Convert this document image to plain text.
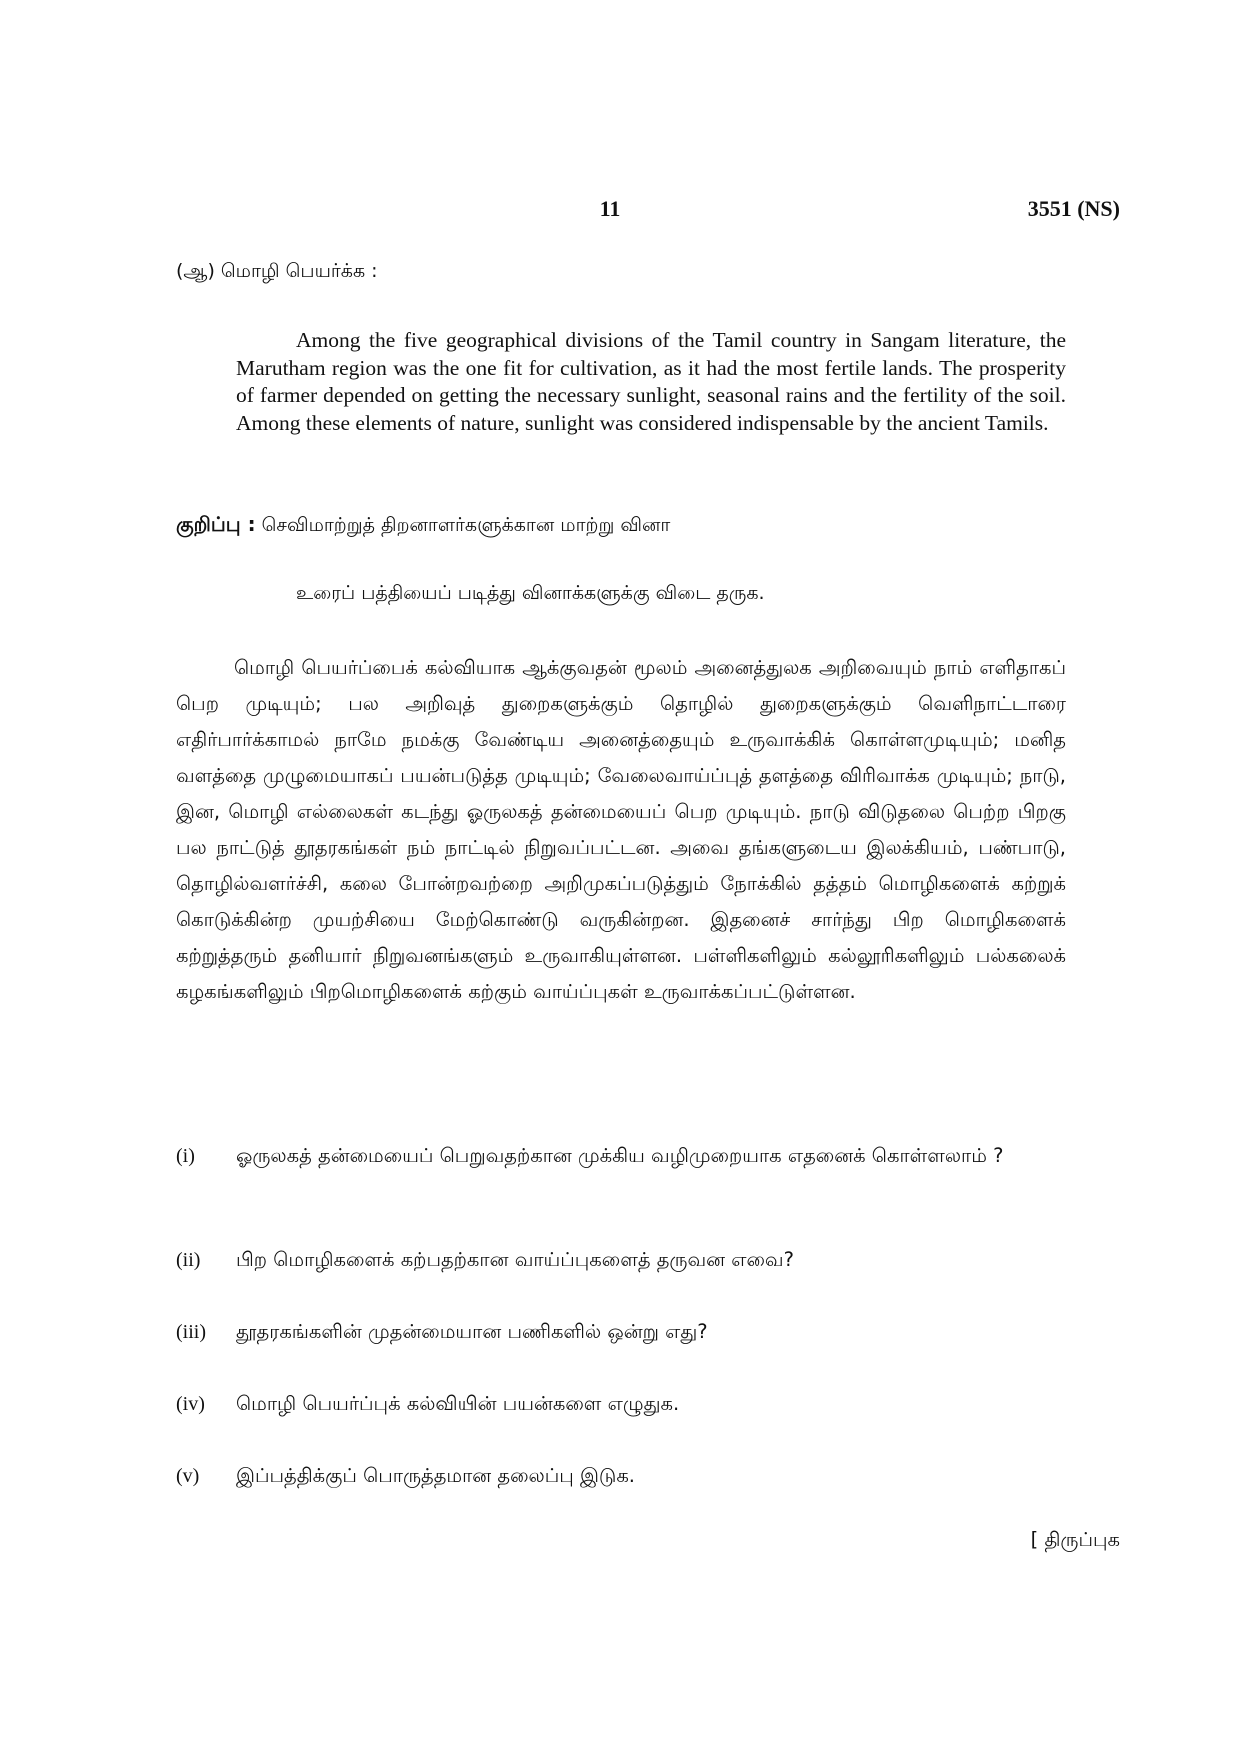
11	3551 (NS)
(ஆ) மொழி பெயர்க்க :
Among the five geographical divisions of the Tamil country in Sangam literature, the Marutham region was the one fit for cultivation, as it had the most fertile lands. The prosperity of farmer depended on getting the necessary sunlight, seasonal rains and the fertility of the soil. Among these elements of nature, sunlight was considered indispensable by the ancient Tamils.
குறிப்பு : செவிமாற்றுத் திறனாளர்களுக்கான மாற்று வினா
உரைப் பத்தியைப் படித்து வினாக்களுக்கு விடை தருக.
மொழி பெயர்ப்பைக் கல்வியாக ஆக்குவதன் மூலம் அனைத்துலக அறிவையும் நாம் எளிதாகப் பெற முடியும்; பல அறிவுத் துறைகளுக்கும் தொழில் துறைகளுக்கும் வெளிநாட்டாரை எதிர்பார்க்காமல் நாமே நமக்கு வேண்டிய அனைத்தையும் உருவாக்கிக் கொள்ளமுடியும்; மனித வளத்தை முழுமையாகப் பயன்படுத்த முடியும்; வேலைவாய்ப்புத் தளத்தை விரிவாக்க முடியும்; நாடு, இன, மொழி எல்லைகள் கடந்து ஓருலகத் தன்மையைப் பெற முடியும். நாடு விடுதலை பெற்ற பிறகு பல நாட்டுத் தூதரகங்கள் நம் நாட்டில் நிறுவப்பட்டன. அவை தங்களுடைய இலக்கியம், பண்பாடு, தொழில்வளர்ச்சி, கலை போன்றவற்றை அறிமுகப்படுத்தும் நோக்கில் தத்தம் மொழிகளைக் கற்றுக் கொடுக்கின்ற முயற்சியை மேற்கொண்டு வருகின்றன. இதனைச் சார்ந்து பிற மொழிகளைக் கற்றுத்தரும் தனியார் நிறுவனங்களும் உருவாகியுள்ளன. பள்ளிகளிலும் கல்லூரிகளிலும் பல்கலைக் கழகங்களிலும் பிறமொழிகளைக் கற்கும் வாய்ப்புகள் உருவாக்கப்பட்டுள்ளன.
(i)	ஓருலகத் தன்மையைப் பெறுவதற்கான முக்கிய வழிமுறையாக எதனைக் கொள்ளலாம் ?
(ii)	பிற மொழிகளைக் கற்பதற்கான வாய்ப்புகளைத் தருவன எவை?
(iii)	தூதரகங்களின் முதன்மையான பணிகளில் ஒன்று எது?
(iv)	மொழி பெயர்ப்புக் கல்வியின் பயன்களை எழுதுக.
(v)	இப்பத்திக்குப் பொருத்தமான தலைப்பு இடுக.
[ திருப்புக
